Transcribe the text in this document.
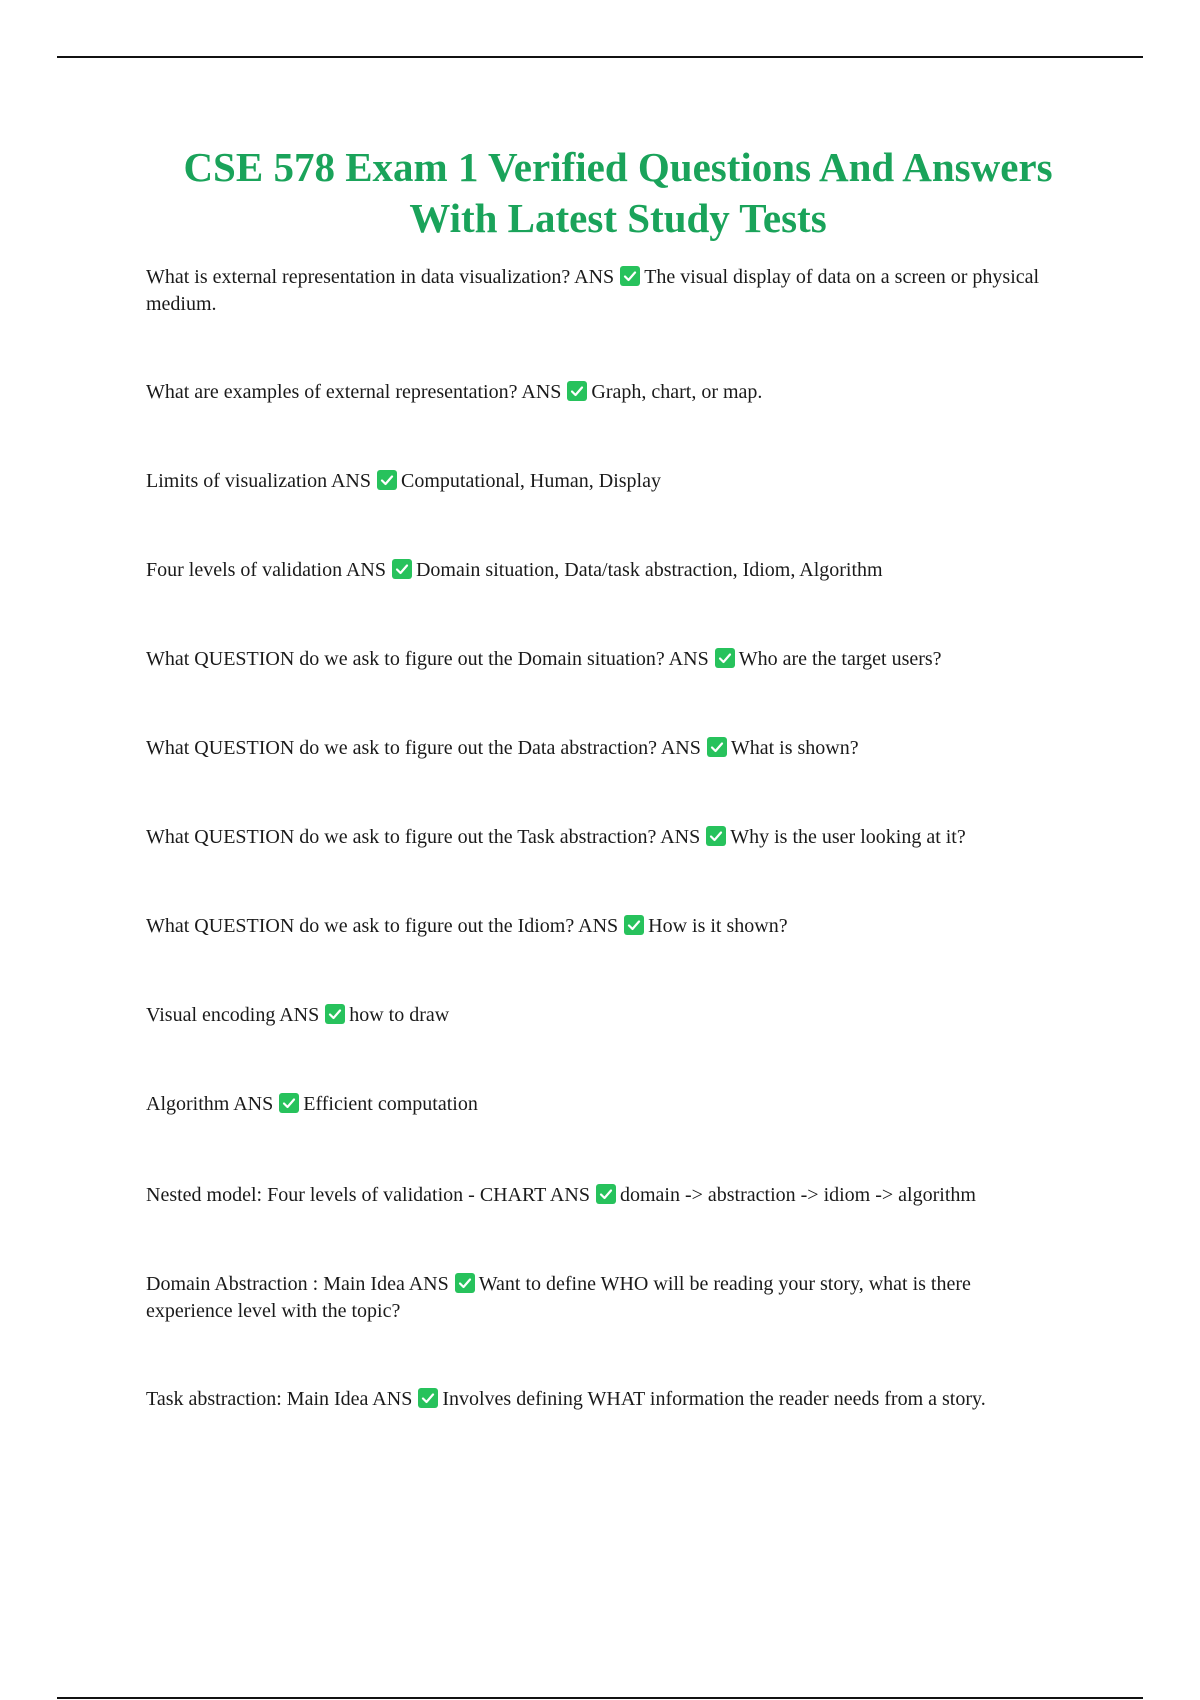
CSE 578 Exam 1 Verified Questions And Answers
With Latest Study Tests

What is external representation in data visualization? ANS The visual display of data on a screen or physical medium.

What are examples of external representation? ANS Graph, chart, or map.

Limits of visualization ANS Computational, Human, Display

Four levels of validation ANS Domain situation, Data/task abstraction, Idiom, Algorithm

What QUESTION do we ask to figure out the Domain situation? ANS Who are the target users?

What QUESTION do we ask to figure out the Data abstraction? ANS What is shown?

What QUESTION do we ask to figure out the Task abstraction? ANS Why is the user looking at it?

What QUESTION do we ask to figure out the Idiom? ANS How is it shown?

Visual encoding ANS how to draw

Algorithm ANS Efficient computation

Nested model: Four levels of validation - CHART ANS domain -> abstraction -> idiom -> algorithm

Domain Abstraction : Main Idea ANS Want to define WHO will be reading your story, what is there experience level with the topic?

Task abstraction: Main Idea ANS Involves defining WHAT information the reader needs from a story.
